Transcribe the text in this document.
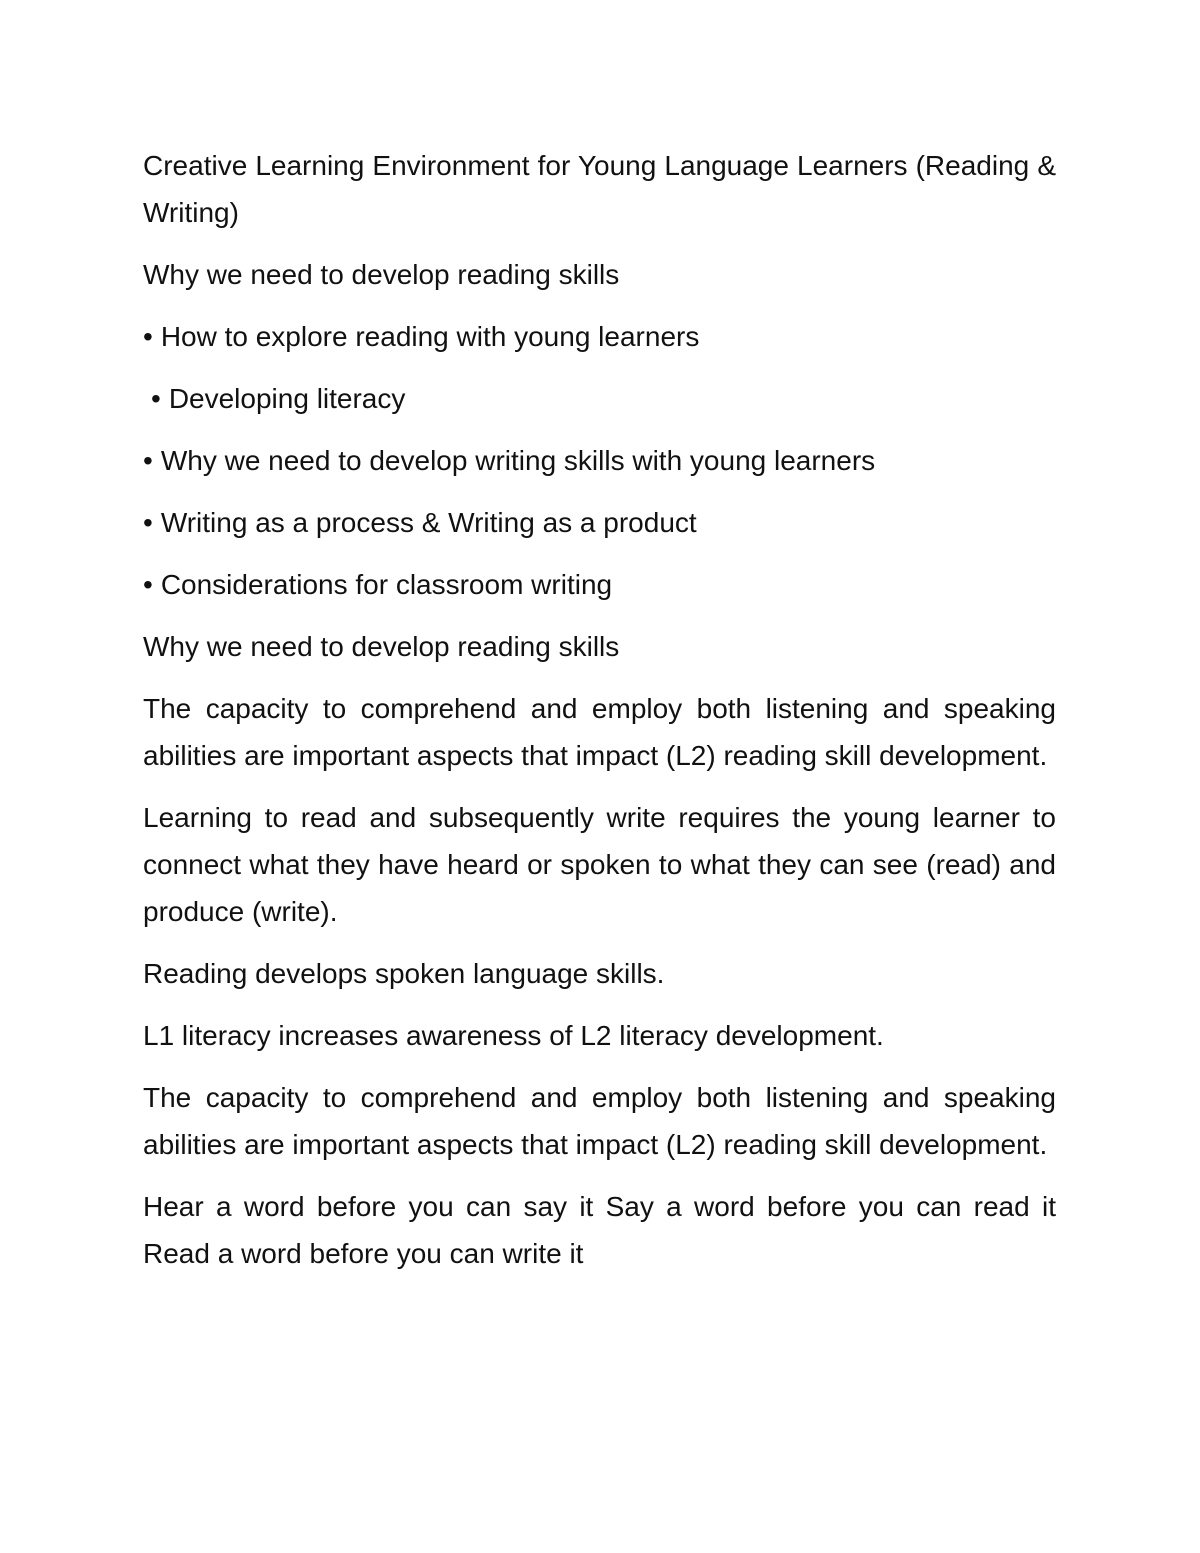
Creative Learning Environment for Young Language Learners (Reading & Writing)

Why we need to develop reading skills

• How to explore reading with young learners
• Developing literacy
• Why we need to develop writing skills with young learners
• Writing as a process & Writing as a product
• Considerations for classroom writing

Why we need to develop reading skills

The capacity to comprehend and employ both listening and speaking abilities are important aspects that impact (L2) reading skill development.

Learning to read and subsequently write requires the young learner to connect what they have heard or spoken to what they can see (read) and produce (write).

Reading develops spoken language skills.

L1 literacy increases awareness of L2 literacy development.

The capacity to comprehend and employ both listening and speaking abilities are important aspects that impact (L2) reading skill development.

Hear a word before you can say it Say a word before you can read it Read a word before you can write it
